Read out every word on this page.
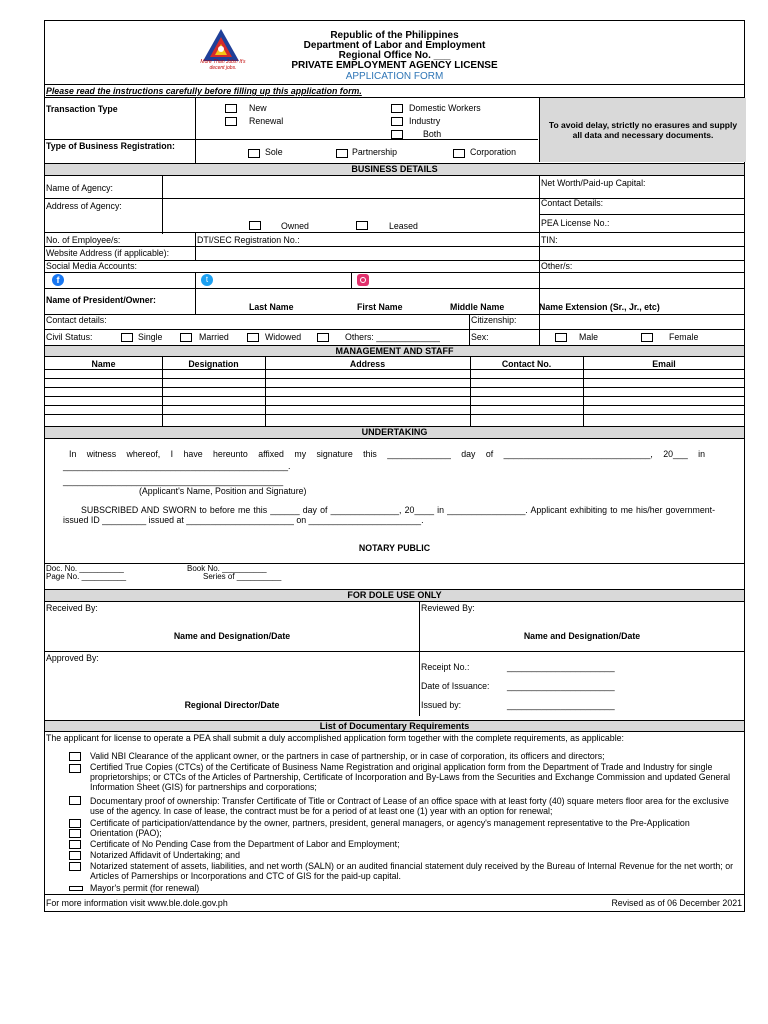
More Than Jobs! It's decent jobs.
Republic of the Philippines
Department of Labor and Employment
Regional Office No. ___
PRIVATE EMPLOYMENT AGENCY LICENSE
APPLICATION FORM
Please read the instructions carefully before filling up this application form.
Transaction Type	New
Renewal
Domestic Workers
Industry
Both
To avoid delay, strictly no erasures and supply all data and necessary documents.
Type of Business Registration:
Sole	Partnership	Corporation
BUSINESS DETAILS
Name of Agency:	Net Worth/Paid-up Capital:
Address of Agency:	Contact Details:
Owned	Leased	PEA License No.:
No. of Employee/s:	DTI/SEC Registration No.:	TIN:
Website Address (if applicable):
Social Media Accounts:	Other/s:
f	t
Name of President/Owner:
Last Name	First Name	Middle Name	Name Extension (Sr., Jr., etc)
Contact details:	Citizenship:
Civil Status:	Single	Married	Widowed	Others: _____________	Sex:	Male	Female
MANAGEMENT AND STAFF
Name	Designation	Address	Contact No.	Email
UNDERTAKING
In witness whereof, I have hereunto affixed my signature this _____________ day of ______________________________, 20___ in ______________________________________________.
_____________________________________________
(Applicant's Name, Position and Signature)
SUBSCRIBED AND SWORN to before me this ______ day of ______________, 20____ in ________________. Applicant exhibiting to me his/her government-issued ID _________ issued at ______________________ on _______________________.
NOTARY PUBLIC
Doc. No. __________
Page No. __________
Book No. __________
Series of __________
FOR DOLE USE ONLY
Received By:	Reviewed By:
Name and Designation/Date	Name and Designation/Date
Approved By:
Regional Director/Date
Receipt No.:	______________________
Date of Issuance: ______________________
Issued by:	______________________
List of Documentary Requirements
The applicant for license to operate a PEA shall submit a duly accomplished application form together with the complete requirements, as applicable:
Valid NBI Clearance of the applicant owner, or the partners in case of partnership, or in case of corporation, its officers and directors;
Certified True Copies (CTCs) of the Certificate of Business Name Registration and original application form from the Department of Trade and Industry for single proprietorships; or CTCs of the Articles of Partnership, Certificate of Incorporation and By-Laws from the Securities and Exchange Commission and updated General Information Sheet (GIS) for partnerships and corporations;
Documentary proof of ownership: Transfer Certificate of Title or Contract of Lease of an office space with at least forty (40) square meters floor area for the exclusive use of the agency. In case of lease, the contract must be for a period of at least one (1) year with an option for renewal;
Certificate of participation/attendance by the owner, partners, president, general managers, or agency's management representative to the Pre-Application Orientation (PAO);
Certificate of No Pending Case from the Department of Labor and Employment;
Notarized Affidavit of Undertaking; and
Notarized statement of assets, liabilities, and net worth (SALN) or an audited financial statement duly received by the Bureau of Internal Revenue for the net worth; or Articles of Parnerships or Incorporations and CTC of GIS for the paid-up capital.
Mayor's permit (for renewal)
For more information visit www.ble.dole.gov.ph	Revised as of 06 December 2021
